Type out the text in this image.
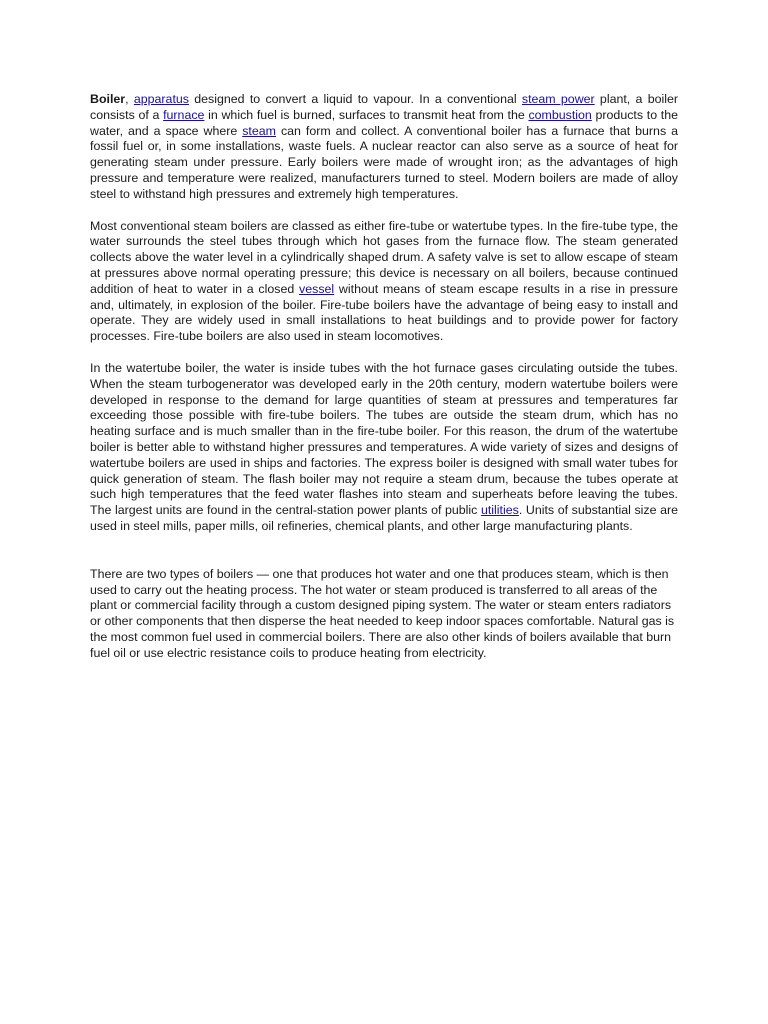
Boiler, apparatus designed to convert a liquid to vapour. In a conventional steam power plant, a boiler consists of a furnace in which fuel is burned, surfaces to transmit heat from the combustion products to the water, and a space where steam can form and collect. A conventional boiler has a furnace that burns a fossil fuel or, in some installations, waste fuels. A nuclear reactor can also serve as a source of heat for generating steam under pressure. Early boilers were made of wrought iron; as the advantages of high pressure and temperature were realized, manufacturers turned to steel. Modern boilers are made of alloy steel to withstand high pressures and extremely high temperatures.

Most conventional steam boilers are classed as either fire-tube or watertube types. In the fire-tube type, the water surrounds the steel tubes through which hot gases from the furnace flow. The steam generated collects above the water level in a cylindrically shaped drum. A safety valve is set to allow escape of steam at pressures above normal operating pressure; this device is necessary on all boilers, because continued addition of heat to water in a closed vessel without means of steam escape results in a rise in pressure and, ultimately, in explosion of the boiler. Fire-tube boilers have the advantage of being easy to install and operate. They are widely used in small installations to heat buildings and to provide power for factory processes. Fire-tube boilers are also used in steam locomotives.

In the watertube boiler, the water is inside tubes with the hot furnace gases circulating outside the tubes. When the steam turbogenerator was developed early in the 20th century, modern watertube boilers were developed in response to the demand for large quantities of steam at pressures and temperatures far exceeding those possible with fire-tube boilers. The tubes are outside the steam drum, which has no heating surface and is much smaller than in the fire-tube boiler. For this reason, the drum of the watertube boiler is better able to withstand higher pressures and temperatures. A wide variety of sizes and designs of watertube boilers are used in ships and factories. The express boiler is designed with small water tubes for quick generation of steam. The flash boiler may not require a steam drum, because the tubes operate at such high temperatures that the feed water flashes into steam and superheats before leaving the tubes. The largest units are found in the central-station power plants of public utilities. Units of substantial size are used in steel mills, paper mills, oil refineries, chemical plants, and other large manufacturing plants.

There are two types of boilers — one that produces hot water and one that produces steam, which is then used to carry out the heating process. The hot water or steam produced is transferred to all areas of the plant or commercial facility through a custom designed piping system. The water or steam enters radiators or other components that then disperse the heat needed to keep indoor spaces comfortable. Natural gas is the most common fuel used in commercial boilers. There are also other kinds of boilers available that burn fuel oil or use electric resistance coils to produce heating from electricity.
